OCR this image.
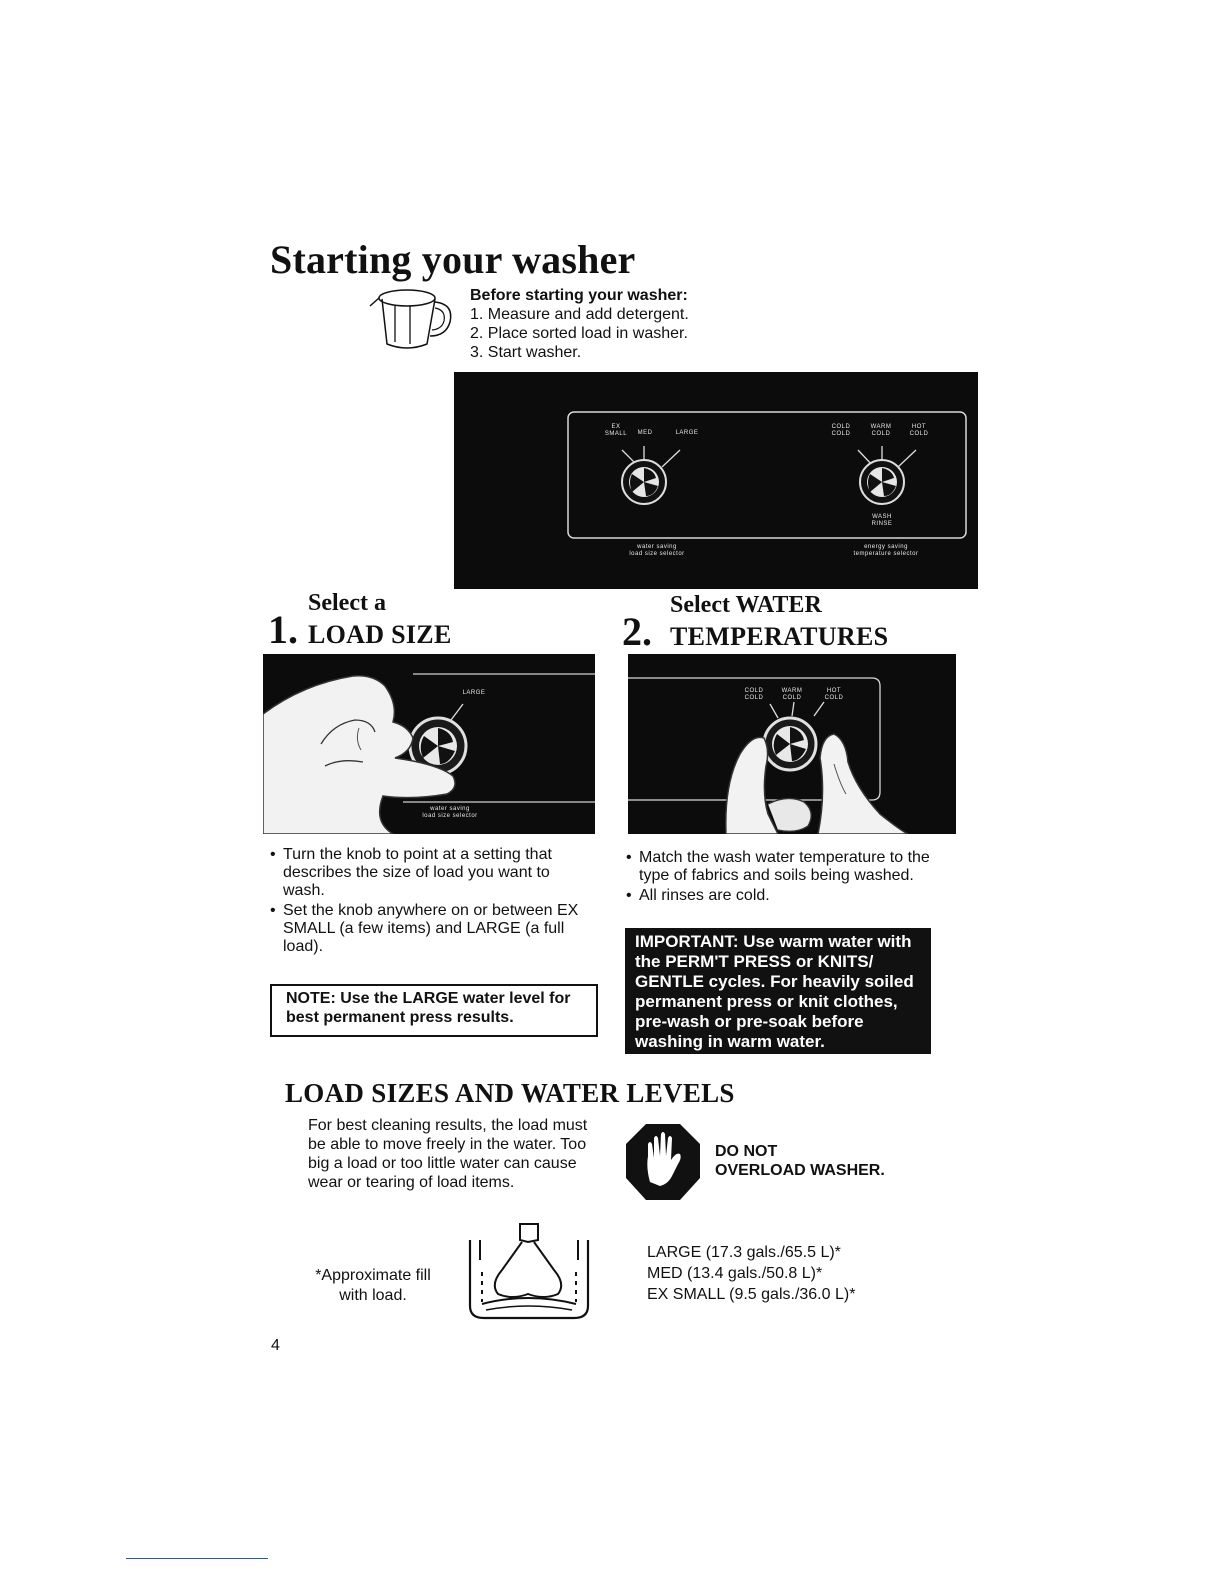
Starting your washer
Before starting your washer:
1. Measure and add detergent.
2. Place sorted load in washer.
3. Start washer.
EX SMALL	MED	LARGE
COLD COLD
WARM COLD
HOT COLD
WASH
RINSE
water saving
load size selector
energy saving
temperature selector
Select a
1. LOAD SIZE
Select WATER
2. TEMPERATURES
LARGE
water saving
load size selector
COLD COLD
WARM COLD
HOT COLD
• Turn the knob to point at a setting that describes the size of load you want to wash.
• Set the knob anywhere on or between EX SMALL (a few items) and LARGE (a full load).
NOTE: Use the LARGE water level for best permanent press results.
• Match the wash water temperature to the type of fabrics and soils being washed.
• All rinses are cold.
IMPORTANT: Use warm water with the PERM'T PRESS or KNITS/ GENTLE cycles. For heavily soiled permanent press or knit clothes, pre-wash or pre-soak before washing in warm water.
LOAD SIZES AND WATER LEVELS
For best cleaning results, the load must be able to move freely in the water. Too big a load or too little water can cause wear or tearing of load items.
DO NOT
OVERLOAD WASHER.
*Approximate fill with load.
LARGE (17.3 gals./65.5 L)*
MED (13.4 gals./50.8 L)*
EX SMALL (9.5 gals./36.0 L)*
4
